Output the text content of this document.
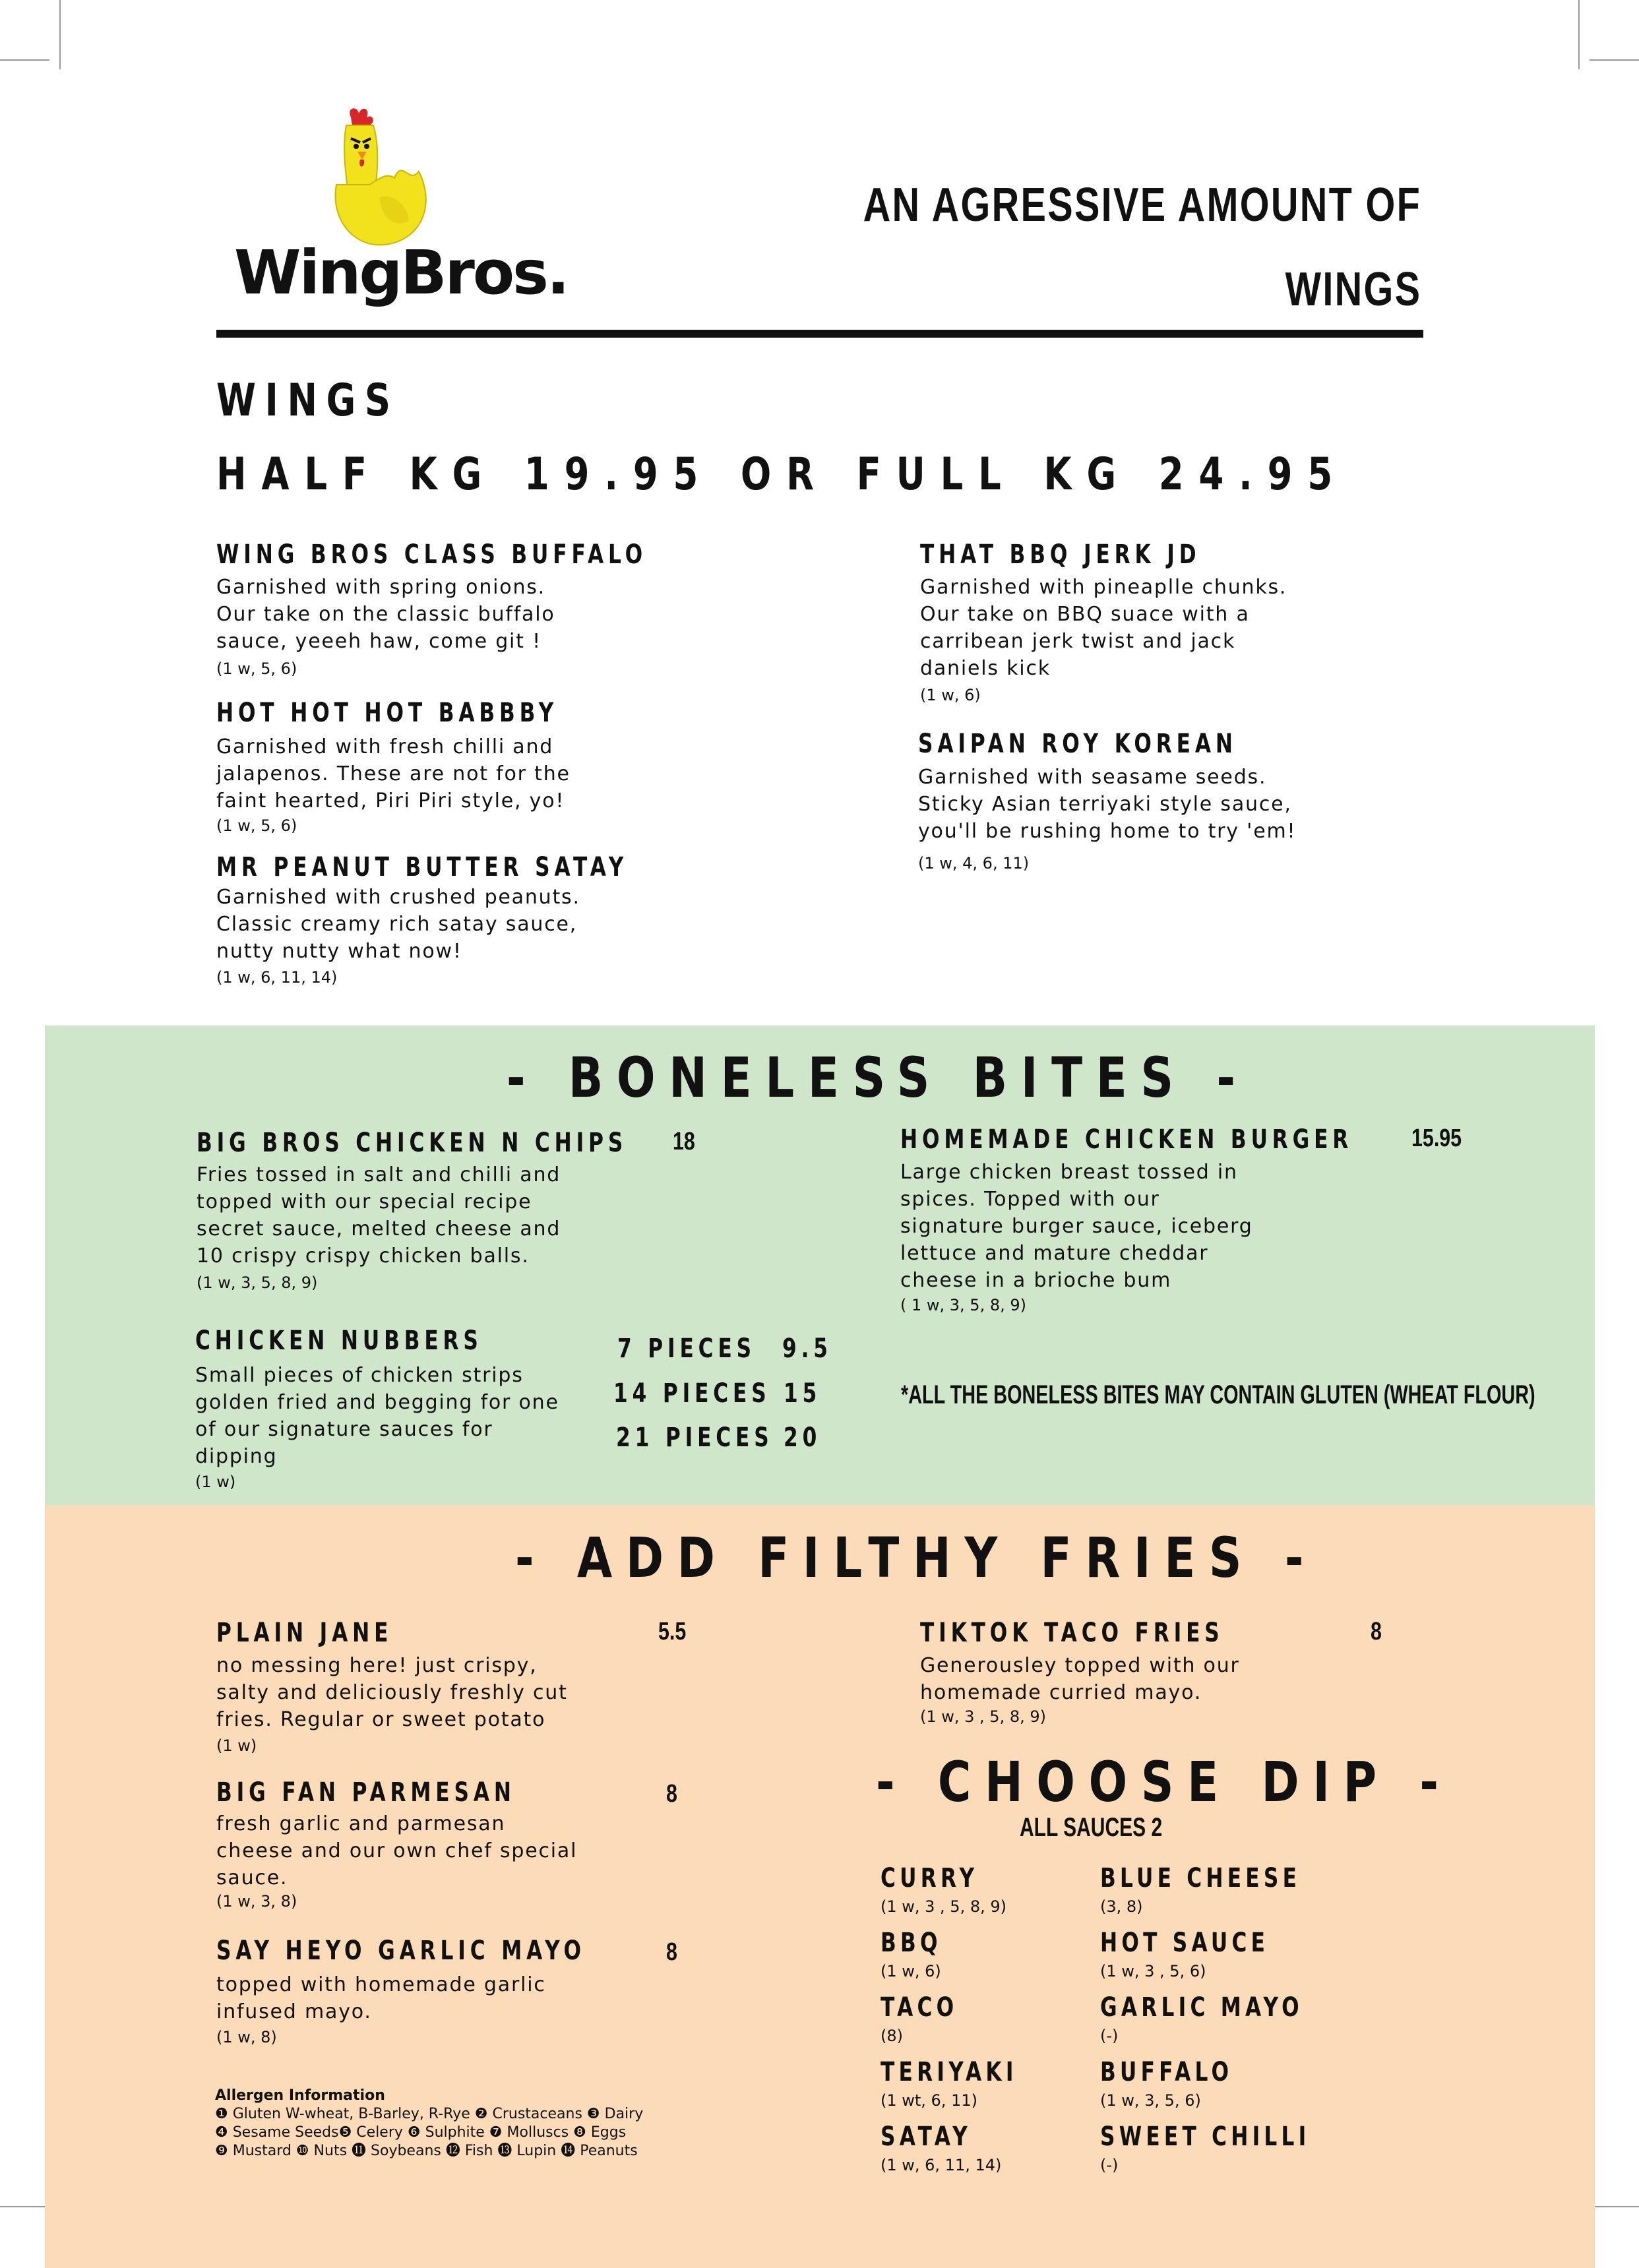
WingBros.
AN AGRESSIVE AMOUNT OF
WINGS
WINGS
HALF KG 19.95 OR FULL KG 24.95
WING BROS CLASS BUFFALO
Garnished with spring onions.
Our take on the classic buffalo
sauce, yeeeh haw, come git !
(1 w, 5, 6)
HOT HOT HOT BABBBY
Garnished with fresh chilli and
jalapenos. These are not for the
faint hearted, Piri Piri style, yo!
(1 w, 5, 6)
MR PEANUT BUTTER SATAY
Garnished with crushed peanuts.
Classic creamy rich satay sauce,
nutty nutty what now!
(1 w, 6, 11, 14)
THAT BBQ JERK JD
Garnished with pineaplle chunks.
Our take on BBQ suace with a
carribean jerk twist and jack
daniels kick
(1 w, 6)
SAIPAN ROY KOREAN
Garnished with seasame seeds.
Sticky Asian terriyaki style sauce,
you'll be rushing home to try 'em!
(1 w, 4, 6, 11)
- BONELESS BITES -
BIG BROS CHICKEN N CHIPS 18
Fries tossed in salt and chilli and
topped with our special recipe
secret sauce, melted cheese and
10 crispy crispy chicken balls.
(1 w, 3, 5, 8, 9)
HOMEMADE CHICKEN BURGER 15.95
Large chicken breast tossed in
spices. Topped with our
signature burger sauce, iceberg
lettuce and mature cheddar
cheese in a brioche bum
( 1 w, 3, 5, 8, 9)
CHICKEN NUBBERS
Small pieces of chicken strips
golden fried and begging for one
of our signature sauces for
dipping
(1 w)
7 PIECES 9.5
14 PIECES 15
21 PIECES 20
*ALL THE BONELESS BITES MAY CONTAIN GLUTEN (WHEAT FLOUR)
- ADD FILTHY FRIES -
PLAIN JANE	5.5
no messing here! just crispy,
salty and deliciously freshly cut
fries. Regular or sweet potato
(1 w)
BIG FAN PARMESAN	8
fresh garlic and parmesan
cheese and our own chef special
sauce.
(1 w, 3, 8)
SAY HEYO GARLIC MAYO	8
topped with homemade garlic
infused mayo.
(1 w, 8)
TIKTOK TACO FRIES	8
Generousley topped with our
homemade curried mayo.
(1 w, 3 , 5, 8, 9)
- CHOOSE DIP -
ALL SAUCES 2
CURRY
(1 w, 3 , 5, 8, 9)
BLUE CHEESE
(3, 8)
BBQ
(1 w, 6)
HOT SAUCE
(1 w, 3 , 5, 6)
TACO
(8)
GARLIC MAYO
(-)
TERIYAKI
(1 wt, 6, 11)
BUFFALO
(1 w, 3, 5, 6)
SATAY
(1 w, 6, 11, 14)
SWEET CHILLI
(-)
Allergen Information
❶ Gluten W-wheat, B-Barley, R-Rye ❷ Crustaceans ❸ Dairy
❹ Sesame Seeds❺ Celery ❻ Sulphite ❼ Molluscs ❽ Eggs
❾ Mustard ❿ Nuts ⓫ Soybeans ⓬ Fish ⓭ Lupin ⓮ Peanuts
